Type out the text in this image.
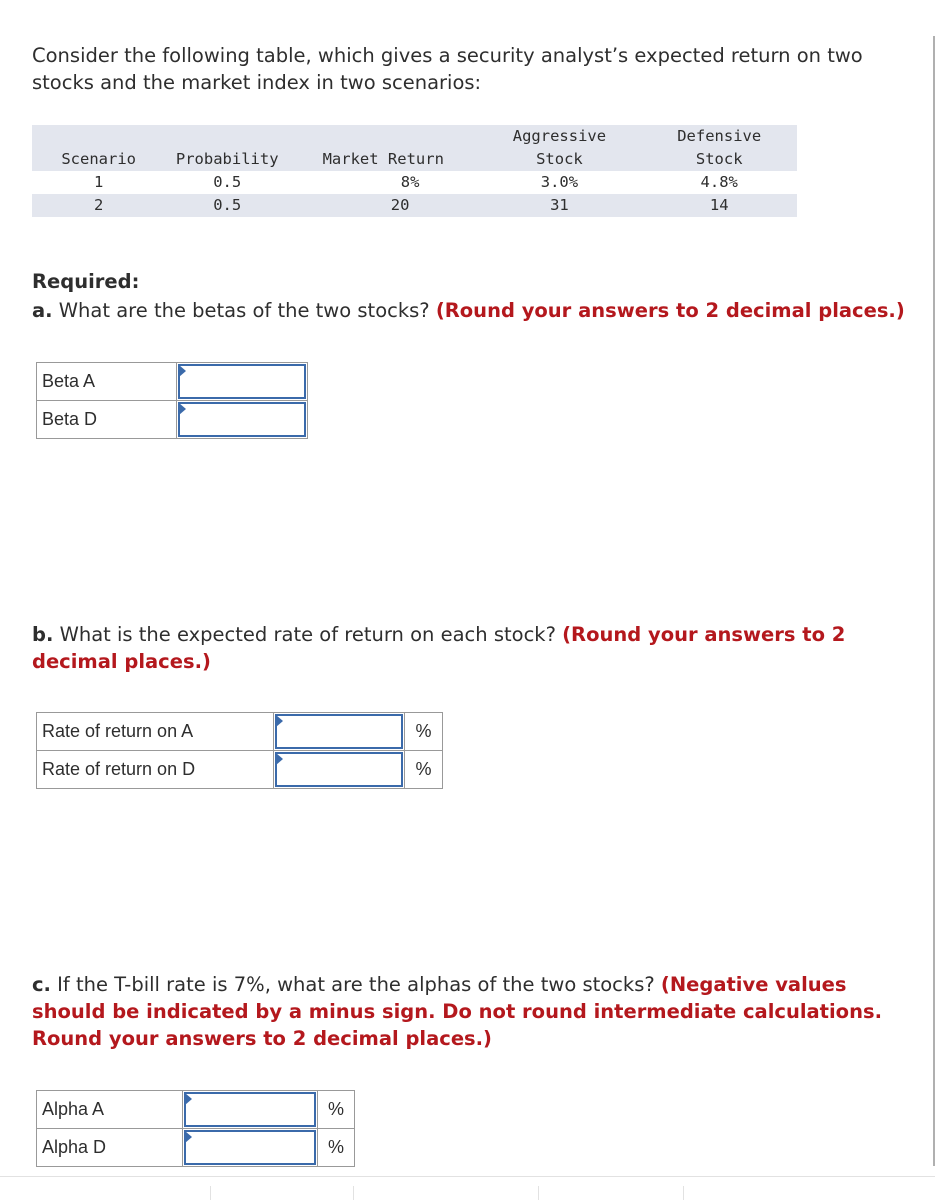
Consider the following table, which gives a security analyst’s expected return on two stocks and the market index in two scenarios:
			Aggressive	Defensive
Scenario	Probability	Market Return	Stock	Stock
1	0.5	8%	3.0%	4.8%
2	0.5	20	31	14
Required:
a. What are the betas of the two stocks? (Round your answers to 2 decimal places.)
Beta A	

Beta D	
b. What is the expected rate of return on each stock? (Round your answers to 2 decimal places.)
Rate of return on A		%
Rate of return on D		%
c. If the T-bill rate is 7%, what are the alphas of the two stocks? (Negative values should be indicated by a minus sign. Do not round intermediate calculations. Round your answers to 2 decimal places.)
Alpha A		%
Alpha D		%
